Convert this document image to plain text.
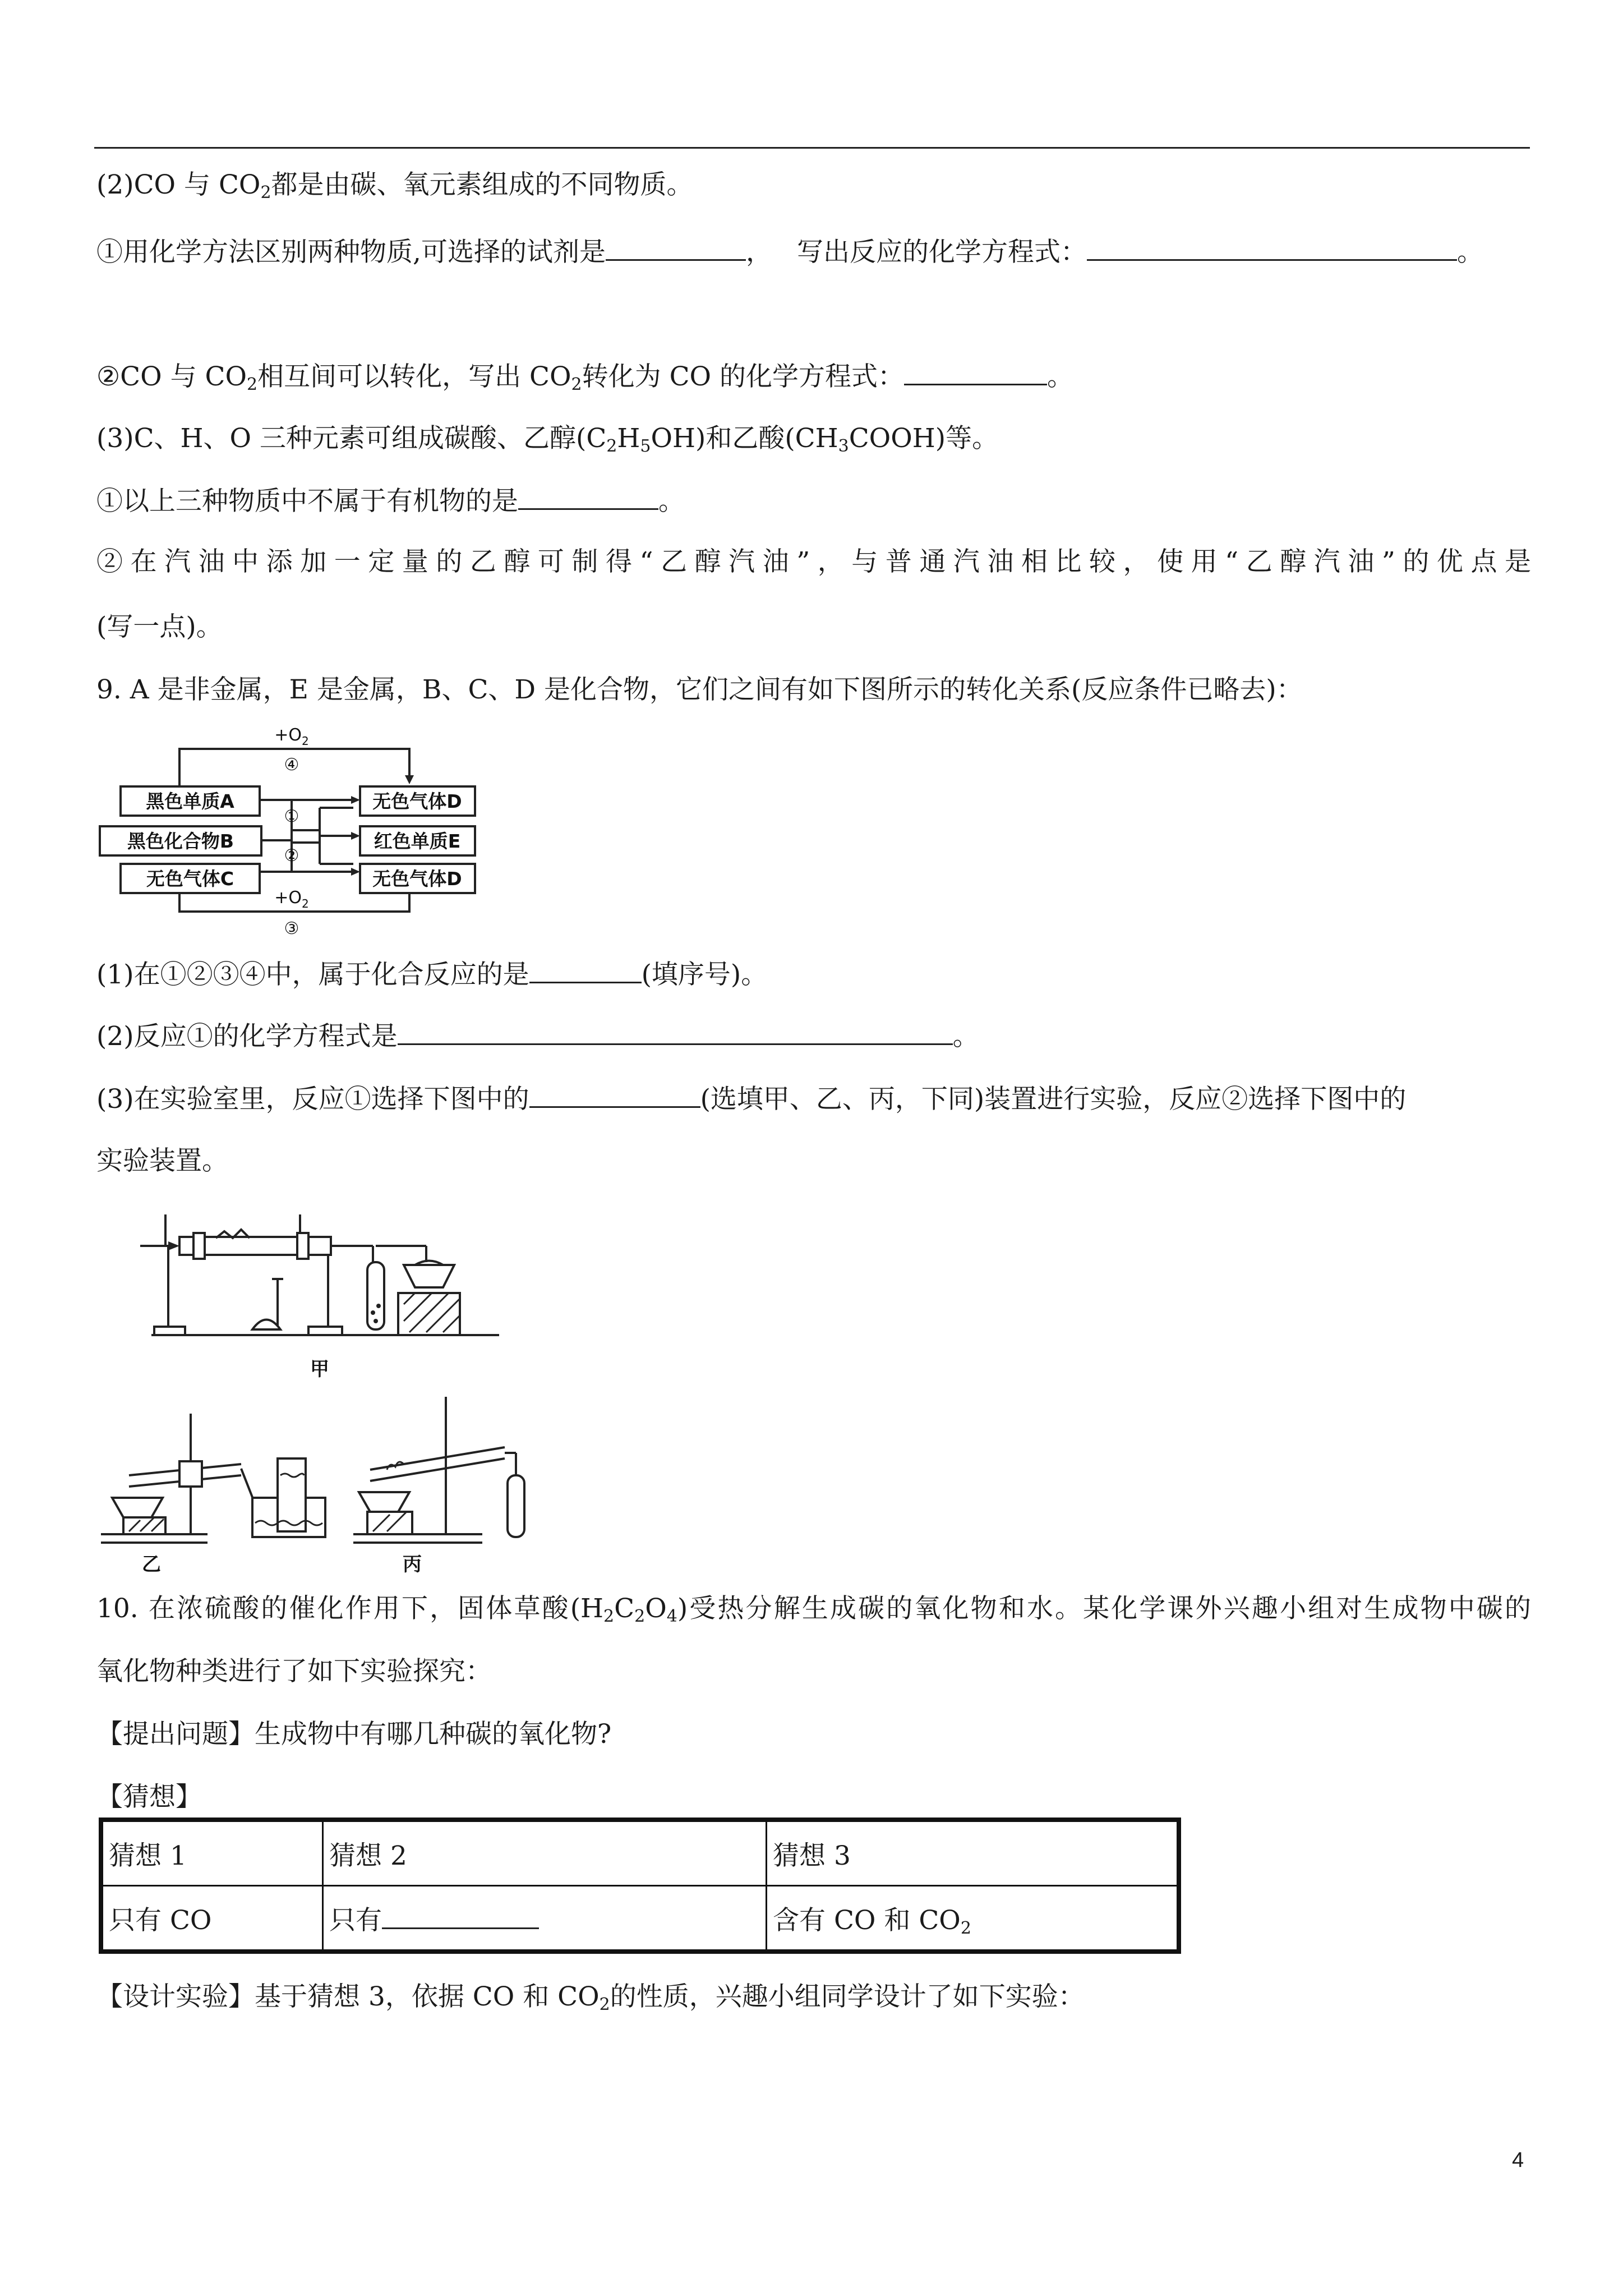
(2)CO 与 $CO_2$都是由碳、氧元素组成的不同物质。
①用化学方法区别两种物质,可选择的试剂是	， 写出反应的化学方程式：	。
②CO 与 $CO_2$相互间可以转化，写出 $CO_2$转化为 CO 的化学方程式：	。
(3)C、H、O 三种元素可组成碳酸、乙醇$(C_2H_5OH)$和乙酸$(CH_3COOH)$等。
①以上三种物质中不属于有机物的是	。
②在汽油中添加一定量的乙醇可制得“乙醇汽油”，与普通汽油相比较，使用“乙醇汽油”的优点是
(写一点)。
9. A 是非金属，E 是金属，B、C、D 是化合物，它们之间有如下图所示的转化关系(反应条件已略去)：
黑色单质A
黑色化合物B
无色气体C
无色气体D
红色单质E
无色气体D
$+O_2$
④
①
②
$+O_2$
③
(1)在①②③④中，属于化合反应的是	(填序号)。
(2)反应①的化学方程式是	。
(3)在实验室里，反应①选择下图中的	(选填甲、乙、丙，下同)装置进行实验，反应②选择下图中的
实验装置。
甲
乙	丙
10. 在浓硫酸的催化作用下，固体草酸$(H_2C_2O_4)$受热分解生成碳的氧化物和水。某化学课外兴趣小组对生成物中碳的
氧化物种类进行了如下实验探究：
【提出问题】生成物中有哪几种碳的氧化物?
【猜想】
猜想 1	猜想 2	猜想 3
只有 CO	只有	含有 CO 和 $CO_2$
【设计实验】基于猜想 3，依据 CO 和 $CO_2$的性质，兴趣小组同学设计了如下实验：
4
